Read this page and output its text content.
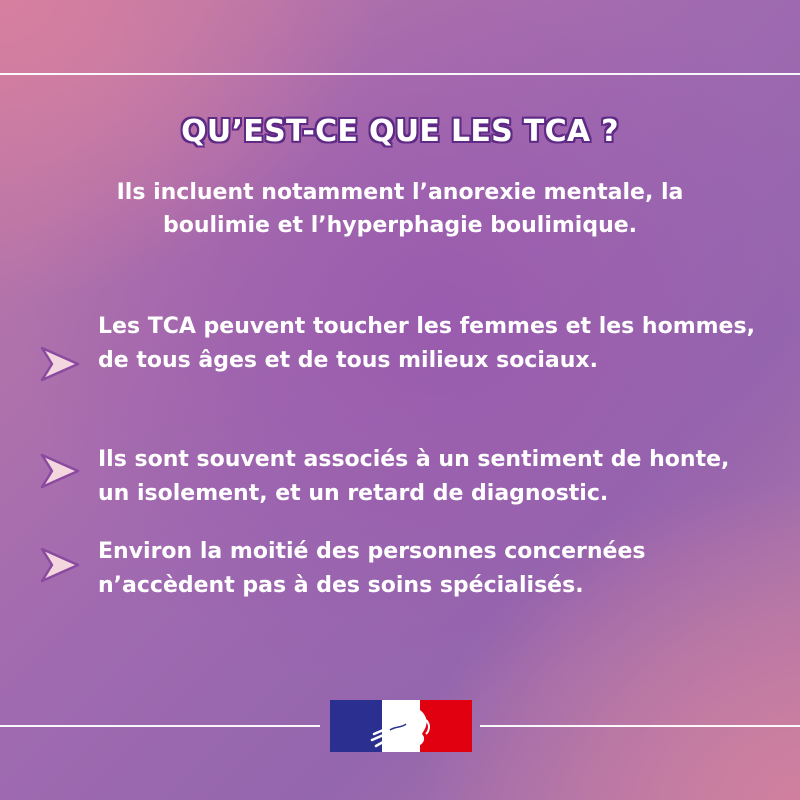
QU’EST-CE QUE LES TCA ?
Ils incluent notamment l’anorexie mentale, la boulimie et l’hyperphagie boulimique.
Les TCA peuvent toucher les femmes et les hommes, de tous âges et de tous milieux sociaux.
Ils sont souvent associés à un sentiment de honte, un isolement, et un retard de diagnostic.
Environ la moitié des personnes concernées n’accèdent pas à des soins spécialisés.
